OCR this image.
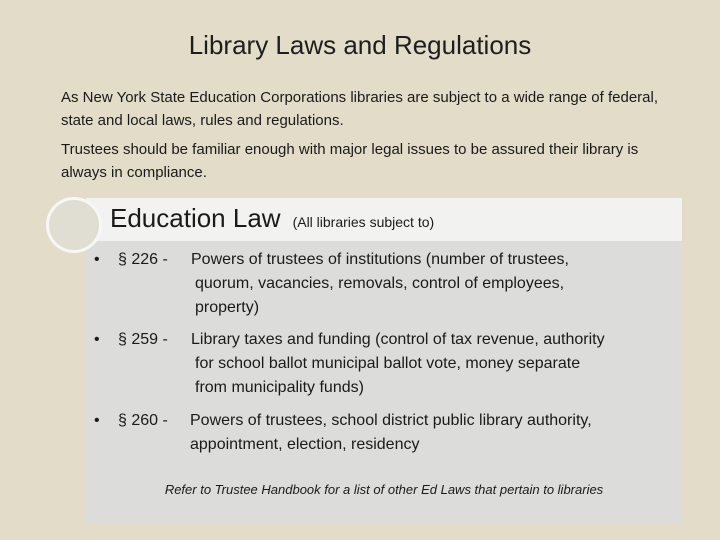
Library Laws and Regulations
As New York State Education Corporations libraries are subject to a wide range of federal, state and local laws, rules and regulations.
Trustees should be familiar enough with major legal issues to be assured their library is always in compliance.
Education Law (All libraries subject to)
• § 226 - Powers of trustees of institutions (number of trustees,
quorum, vacancies, removals, control of employees,
property)
• § 259 - Library taxes and funding (control of tax revenue, authority
for school ballot municipal ballot vote, money separate
from municipality funds)
• § 260 - Powers of trustees, school district public library authority,
appointment, election, residency
Refer to Trustee Handbook for a list of other Ed Laws that pertain to libraries
